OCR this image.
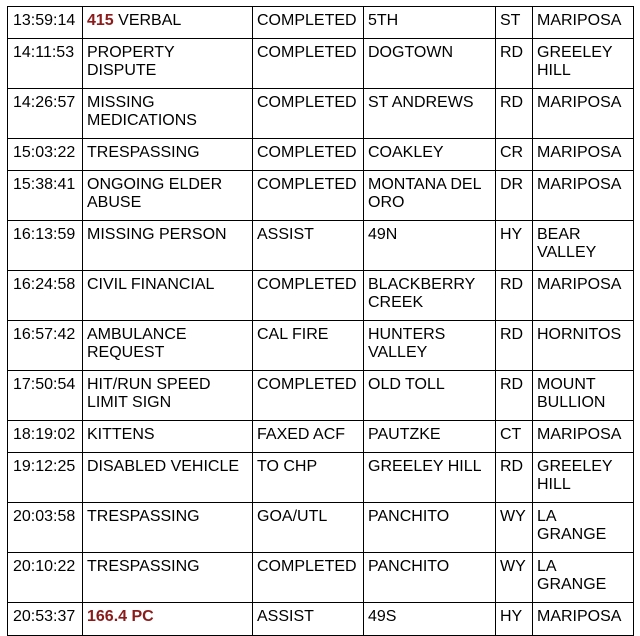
13:59:14	415 VERBAL	COMPLETED	5TH	ST	MARIPOSA
14:11:53	PROPERTY DISPUTE	COMPLETED	DOGTOWN	RD	GREELEY HILL
14:26:57	MISSING MEDICATIONS	COMPLETED	ST ANDREWS	RD	MARIPOSA
15:03:22	TRESPASSING	COMPLETED	COAKLEY	CR	MARIPOSA
15:38:41	ONGOING ELDER ABUSE	COMPLETED	MONTANA DEL ORO	DR	MARIPOSA
16:13:59	MISSING PERSON	ASSIST	49N	HY	BEAR VALLEY
16:24:58	CIVIL FINANCIAL	COMPLETED	BLACKBERRY CREEK	RD	MARIPOSA
16:57:42	AMBULANCE REQUEST	CAL FIRE	HUNTERS VALLEY	RD	HORNITOS
17:50:54	HIT/RUN SPEED LIMIT SIGN	COMPLETED	OLD TOLL	RD	MOUNT BULLION
18:19:02	KITTENS	FAXED ACF	PAUTZKE	CT	MARIPOSA
19:12:25	DISABLED VEHICLE	TO CHP	GREELEY HILL	RD	GREELEY HILL
20:03:58	TRESPASSING	GOA/UTL	PANCHITO	WY	LA GRANGE
20:10:22	TRESPASSING	COMPLETED	PANCHITO	WY	LA GRANGE
20:53:37	166.4 PC	ASSIST	49S	HY	MARIPOSA
